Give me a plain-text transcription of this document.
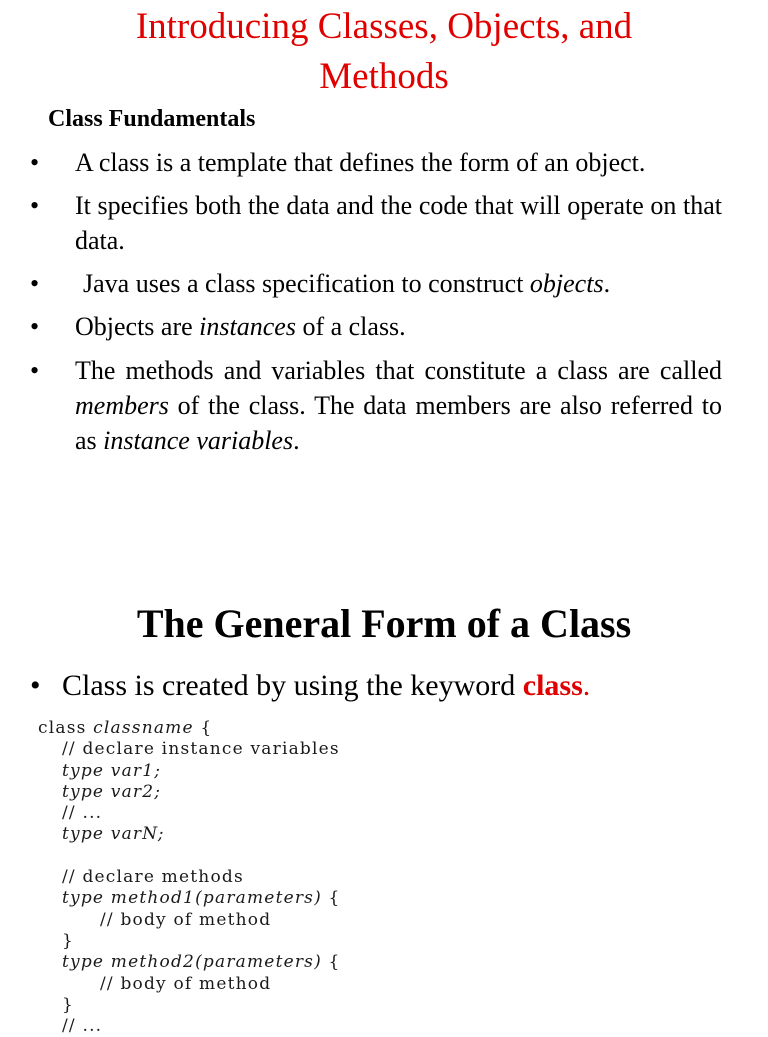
Introducing Classes, Objects, and
Methods
Class Fundamentals
•	A class is a template that defines the form of an object.
•	It specifies both the data and the code that will operate on that data.
•	Java uses a class specification to construct objects.
•	Objects are instances of a class.
•	The methods and variables that constitute a class are called members of the class. The data members are also referred to as instance variables.
The General Form of a Class
• Class is created by using the keyword class.
class classname {
// declare instance variables
type var1;
type var2;
// ...
type varN;
// declare methods
type method1(parameters) {
// body of method
}
type method2(parameters) {
// body of method
}
// ...
